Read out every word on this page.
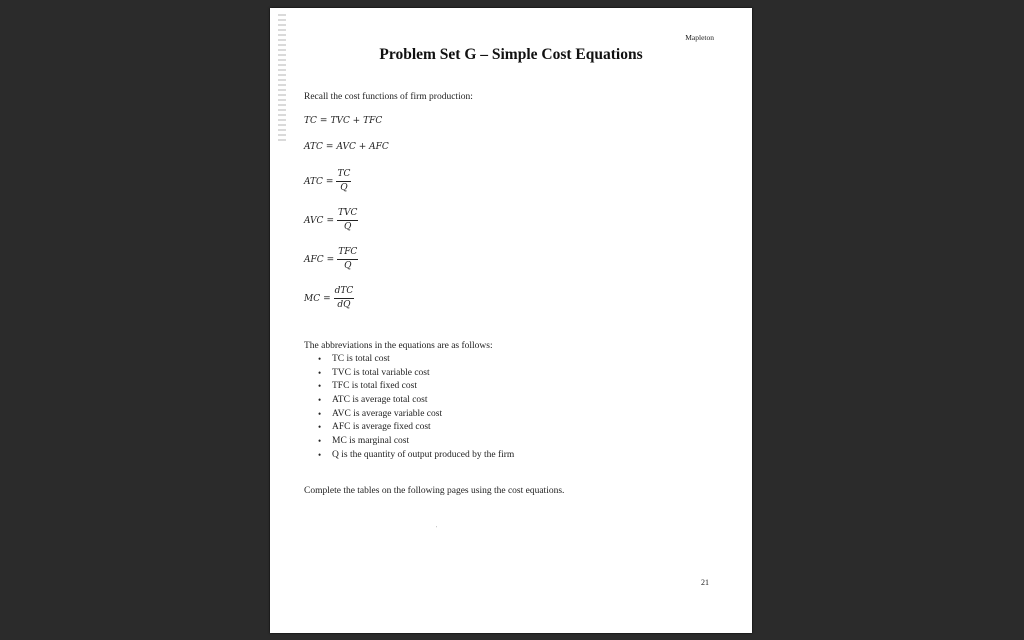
Mapleton
Problem Set G – Simple Cost Equations
Recall the cost functions of firm production:
TC = TVC + TFC
ATC = AVC + AFC
ATC = $\frac{TC}{Q}$
AVC = $\frac{\text{TVC}}{Q}$
AFC = $\frac{\text{TFC}}{Q}$
MC = $\frac{\text{dTC}}{dQ}$
The abbreviations in the equations are as follows:
•	TC is total cost
•	TVC is total variable cost
•	TFC is total fixed cost
•	ATC is average total cost
•	AVC is average variable cost
•	AFC is average fixed cost
•	MC is marginal cost
•	Q is the quantity of output produced by the firm
Complete the tables on the following pages using the cost equations.
'
21
